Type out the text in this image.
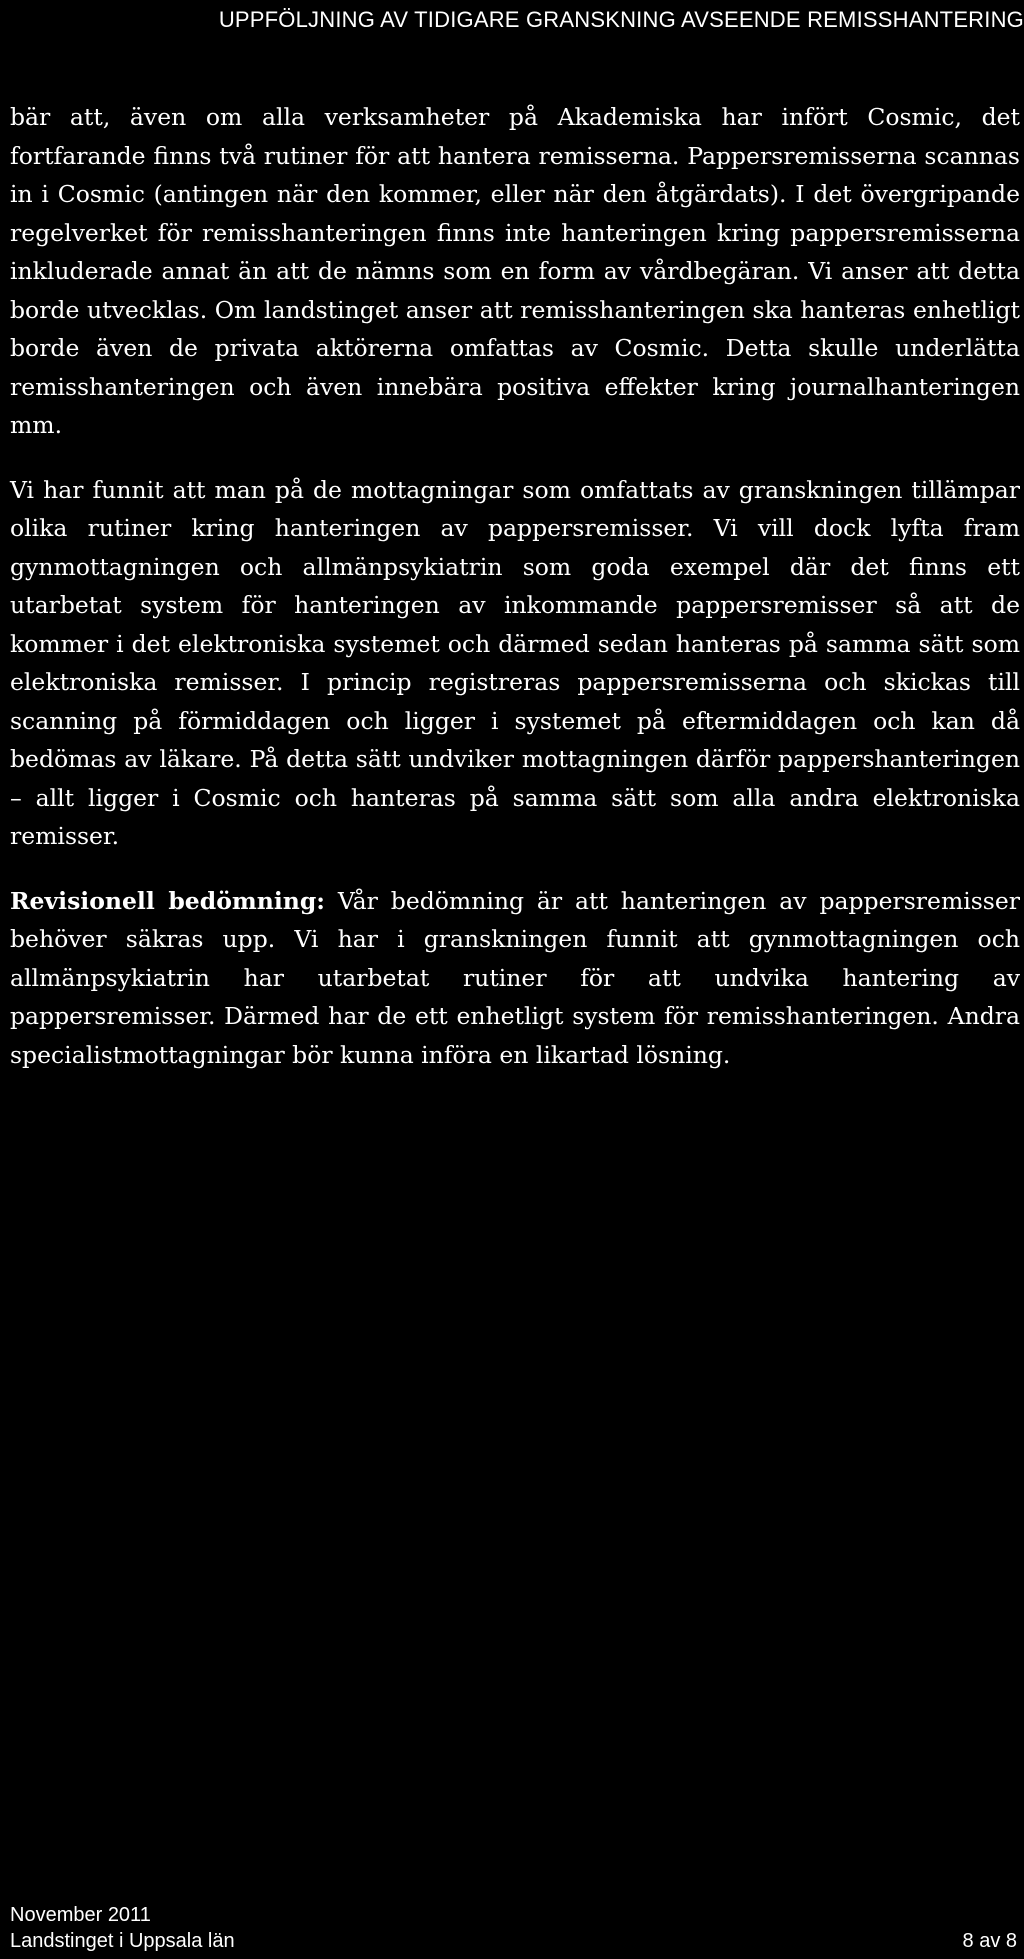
UPPFÖLJNING AV TIDIGARE GRANSKNING AVSEENDE REMISSHANTERING

bär att, även om alla verksamheter på Akademiska har infört Cosmic, det fortfarande finns två rutiner för att hantera remisserna. Pappersremisserna scannas in i Cosmic (antingen när den kommer, eller när den åtgärdats). I det övergripande regelverket för remisshanteringen finns inte hanteringen kring pappersremisserna inkluderade annat än att de nämns som en form av vårdbegäran. Vi anser att detta borde utvecklas. Om landstinget anser att remisshanteringen ska hanteras enhetligt borde även de privata aktörerna omfattas av Cosmic. Detta skulle underlätta remisshanteringen och även innebära positiva effekter kring journalhanteringen mm.

Vi har funnit att man på de mottagningar som omfattats av granskningen tillämpar olika rutiner kring hanteringen av pappersremisser. Vi vill dock lyfta fram gynmottagningen och allmänpsykiatrin som goda exempel där det finns ett utarbetat system för hanteringen av inkommande pappersremisser så att de kommer i det elektroniska systemet och därmed sedan hanteras på samma sätt som elektroniska remisser. I princip registreras pappersremisserna och skickas till scanning på förmiddagen och ligger i systemet på eftermiddagen och kan då bedömas av läkare. På detta sätt undviker mottagningen därför pappershanteringen – allt ligger i Cosmic och hanteras på samma sätt som alla andra elektroniska remisser.

Revisionell bedömning: Vår bedömning är att hanteringen av pappersremisser behöver säkras upp. Vi har i granskningen funnit att gynmottagningen och allmänpsykiatrin har utarbetat rutiner för att undvika hantering av pappersremisser. Därmed har de ett enhetligt system för remisshanteringen. Andra specialistmottagningar bör kunna införa en likartad lösning.

November 2011
Landstinget i Uppsala län	8 av 8
